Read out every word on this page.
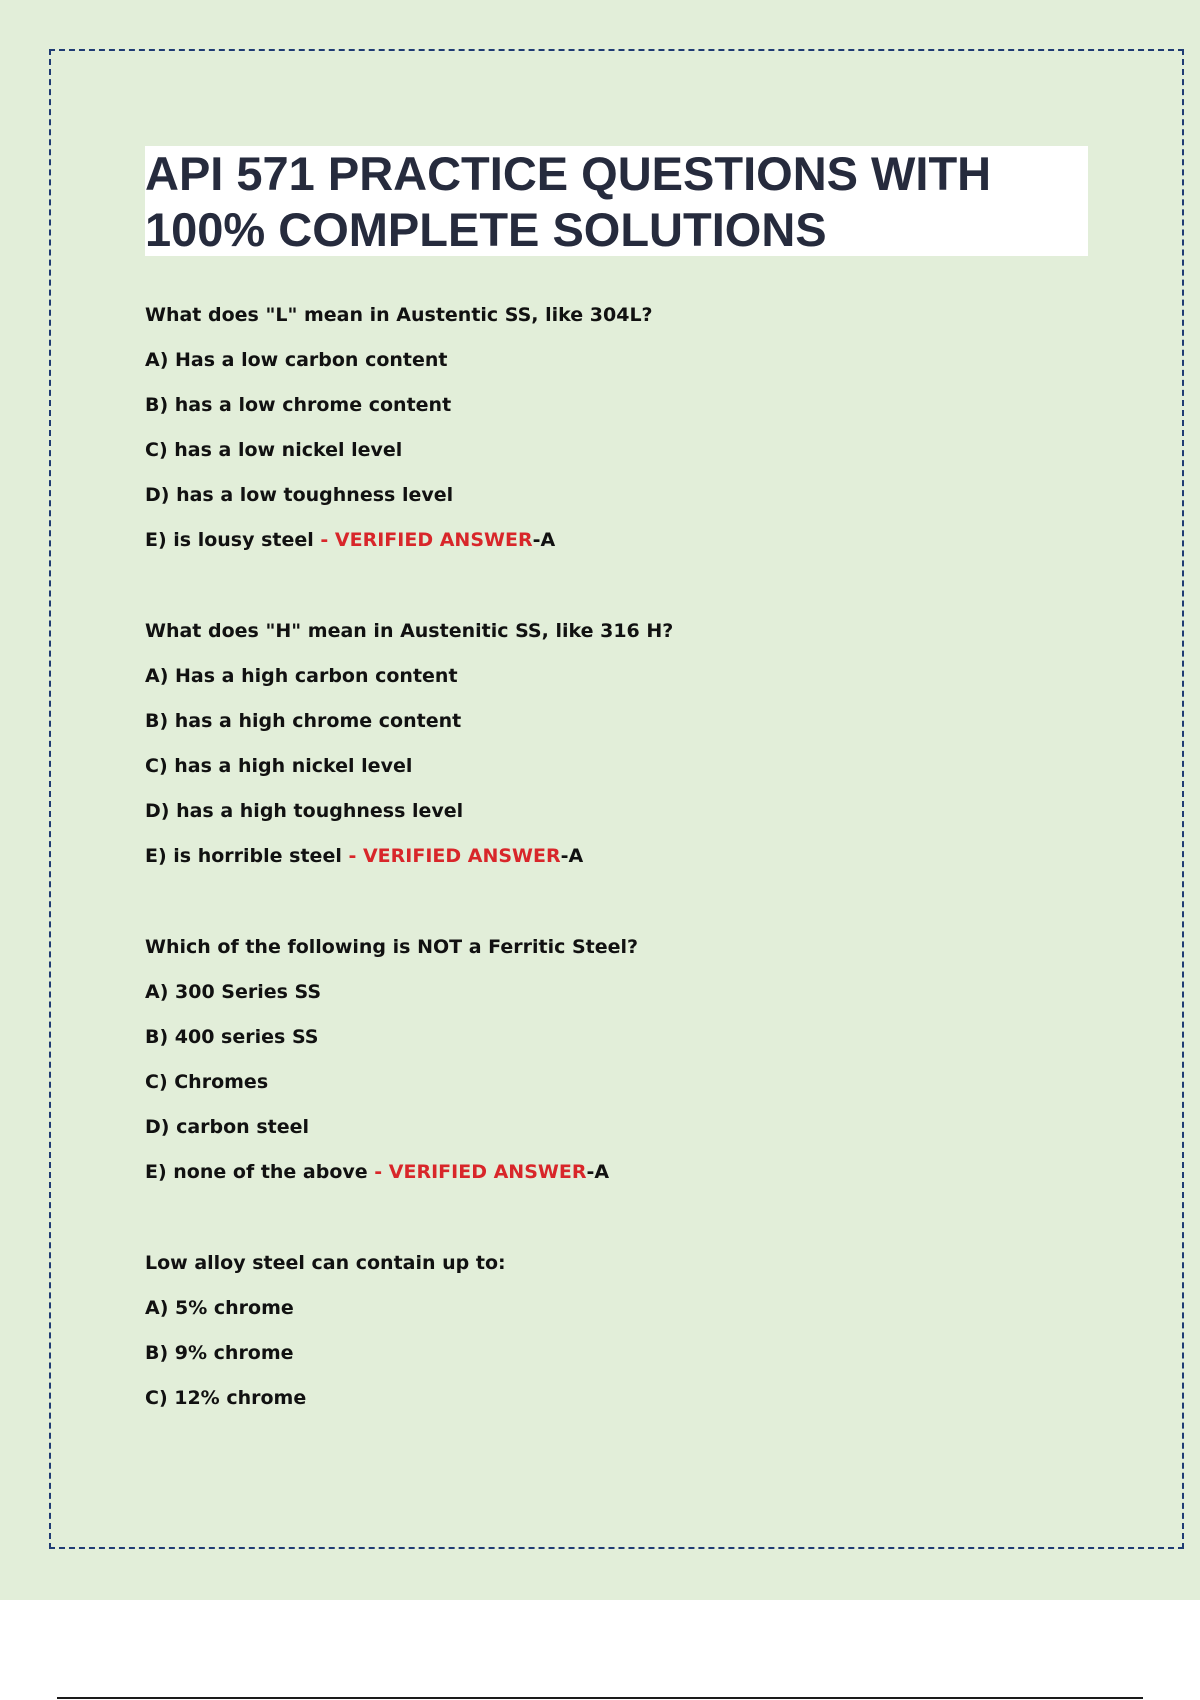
API 571 PRACTICE QUESTIONS WITH
100% COMPLETE SOLUTIONS
What does "L" mean in Austentic SS, like 304L?
A) Has a low carbon content
B) has a low chrome content
C) has a low nickel level
D) has a low toughness level
E) is lousy steel - VERIFIED ANSWER-A
What does "H" mean in Austenitic SS, like 316 H?
A) Has a high carbon content
B) has a high chrome content
C) has a high nickel level
D) has a high toughness level
E) is horrible steel - VERIFIED ANSWER-A
Which of the following is NOT a Ferritic Steel?
A) 300 Series SS
B) 400 series SS
C) Chromes
D) carbon steel
E) none of the above - VERIFIED ANSWER-A
Low alloy steel can contain up to:
A) 5% chrome
B) 9% chrome
C) 12% chrome
